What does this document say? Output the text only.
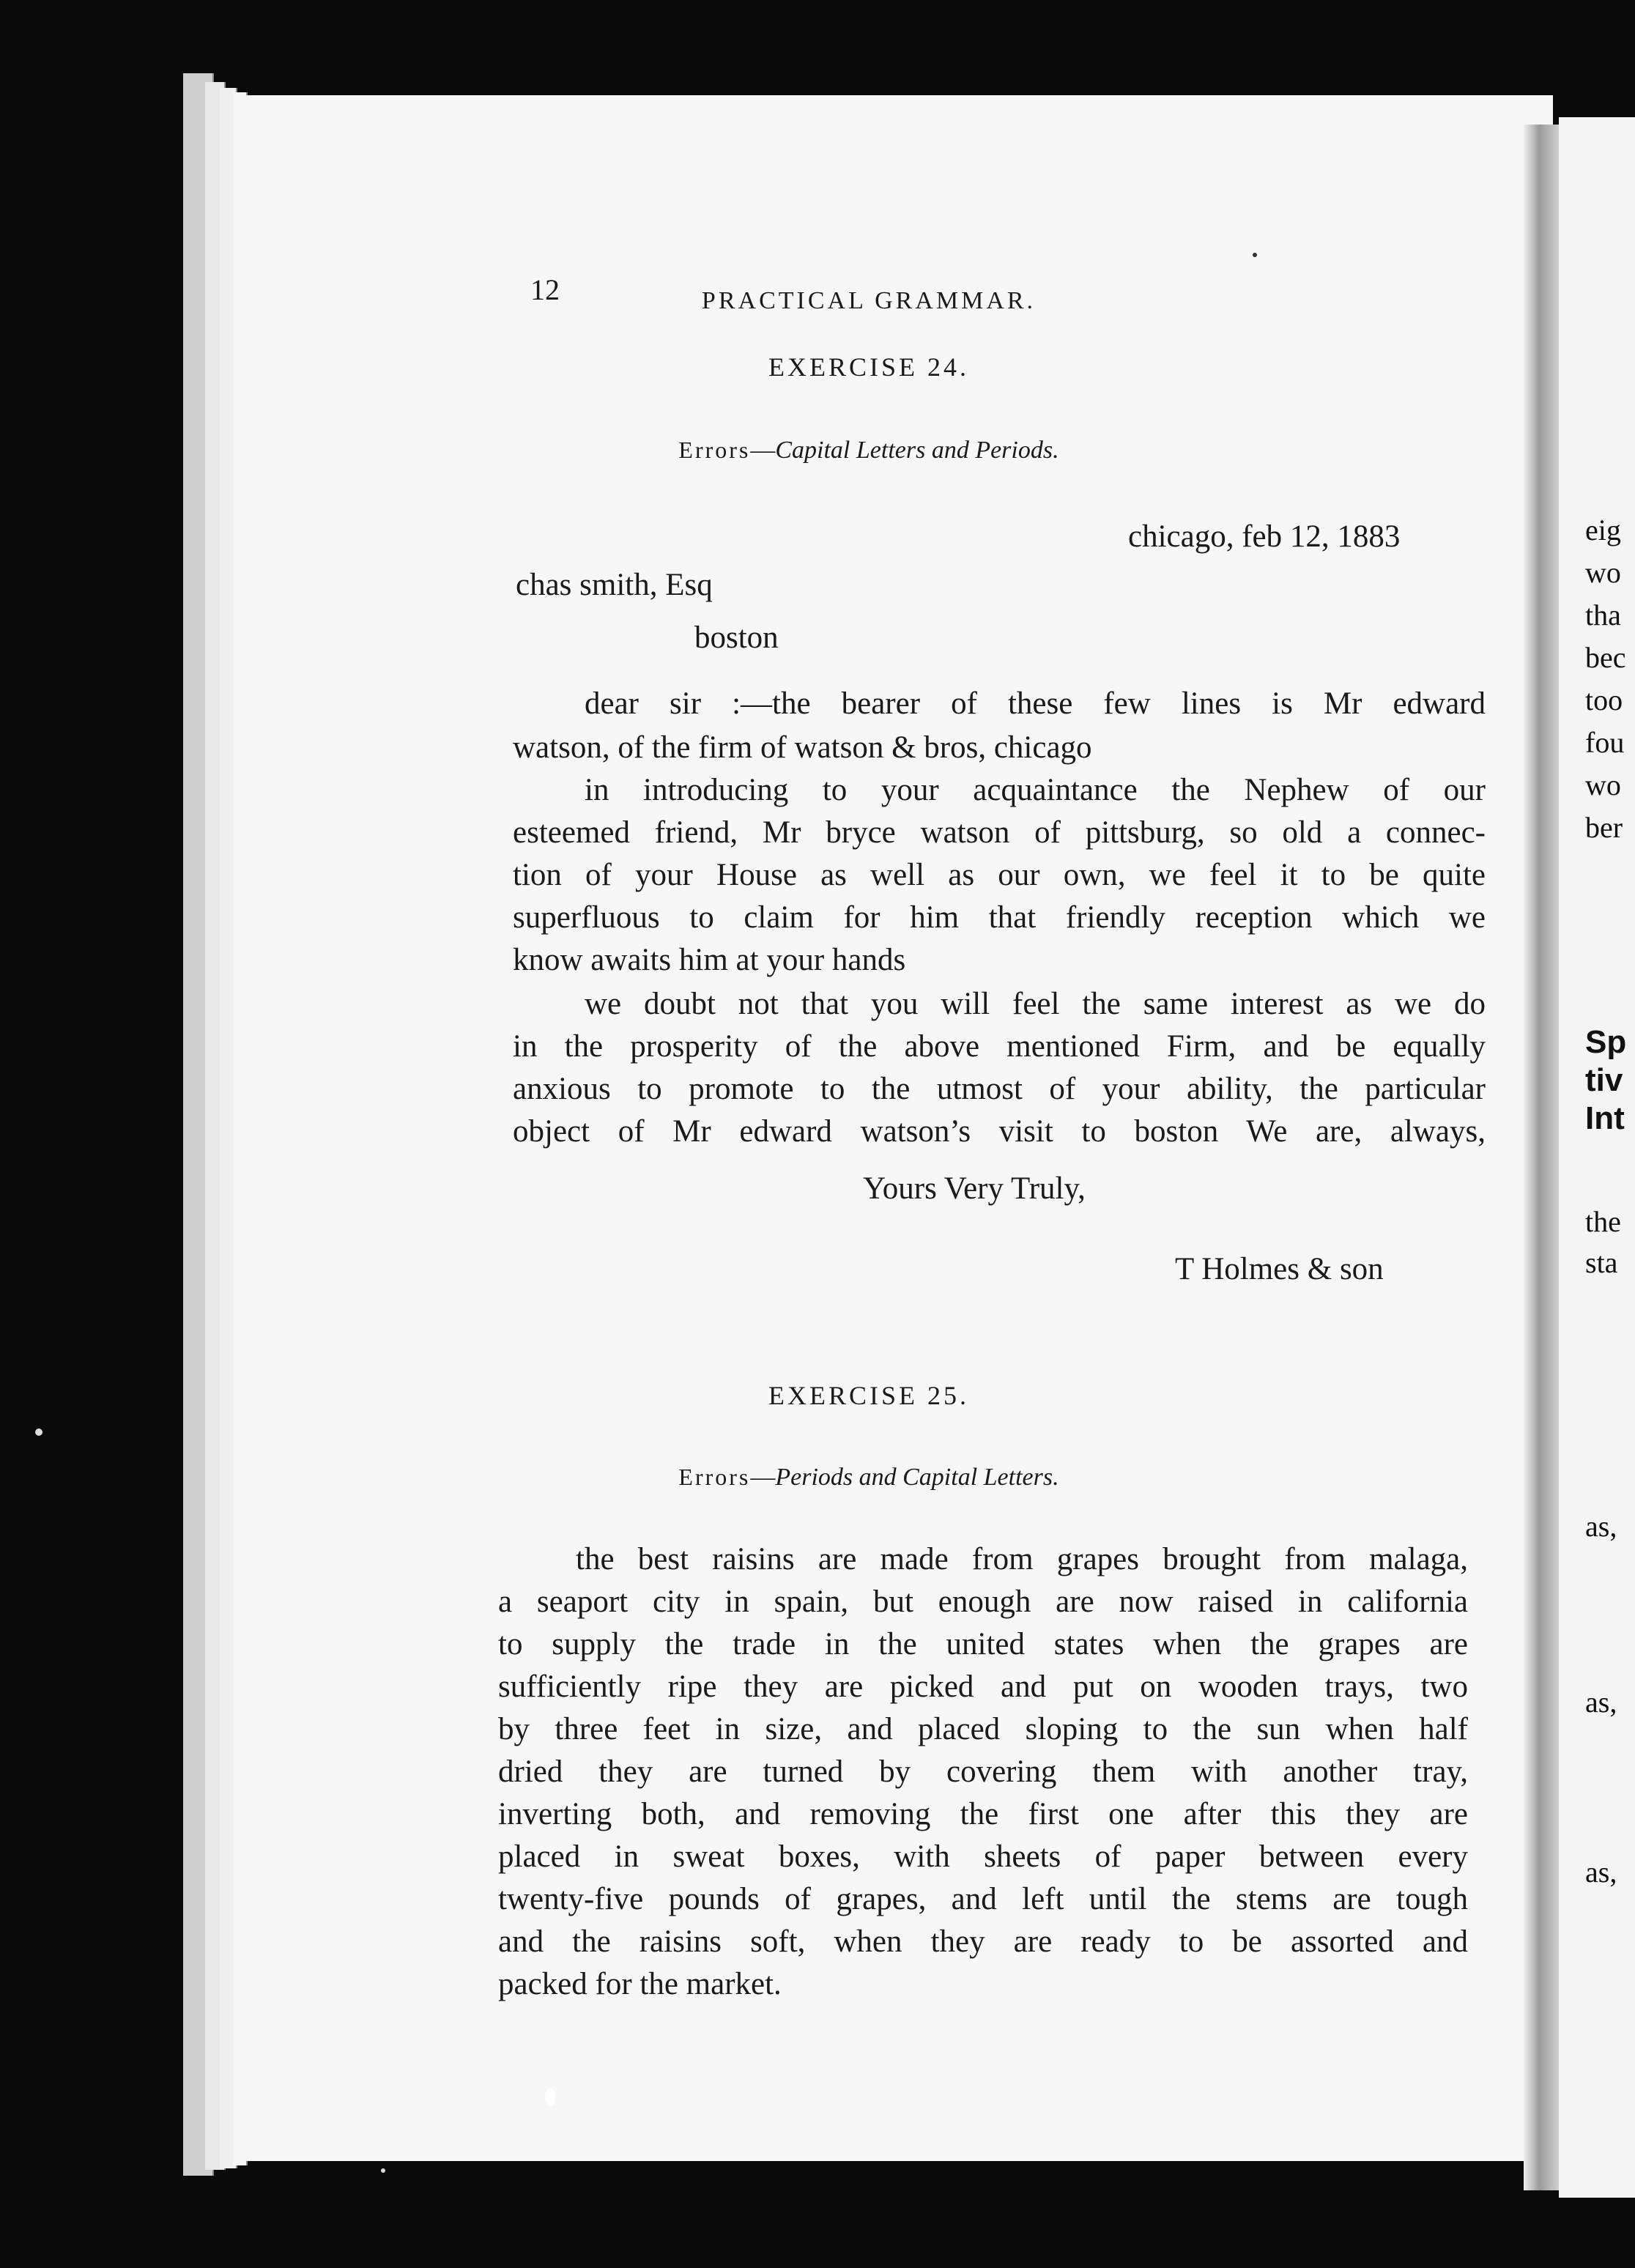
eig
wo
tha
bec
too
fou
wo
ber
Sp
tiv
Int
the
sta
as,
as,
as,
12	PRACTICAL GRAMMAR.
EXERCISE 24.
Errors—Capital Letters and Periods.
chicago, feb 12, 1883
chas smith, Esq
boston
dear sir :—the bearer of these few lines is Mr edward
watson, of the firm of watson & bros, chicago
in introducing to your acquaintance the Nephew of our
esteemed friend, Mr bryce watson of pittsburg, so old a connec-
tion of your House as well as our own, we feel it to be quite
superfluous to claim for him that friendly reception which we
know awaits him at your hands
we doubt not that you will feel the same interest as we do
in the prosperity of the above mentioned Firm, and be equally
anxious to promote to the utmost of your ability, the particular
object of Mr edward watson’s visit to boston We are, always,
Yours Very Truly,
T Holmes & son
EXERCISE 25.
Errors—Periods and Capital Letters.
the best raisins are made from grapes brought from malaga,
a seaport city in spain, but enough are now raised in california
to supply the trade in the united states when the grapes are
sufficiently ripe they are picked and put on wooden trays, two
by three feet in size, and placed sloping to the sun when half
dried they are turned by covering them with another tray,
inverting both, and removing the first one after this they are
placed in sweat boxes, with sheets of paper between every
twenty-five pounds of grapes, and left until the stems are tough
and the raisins soft, when they are ready to be assorted and
packed for the market.
